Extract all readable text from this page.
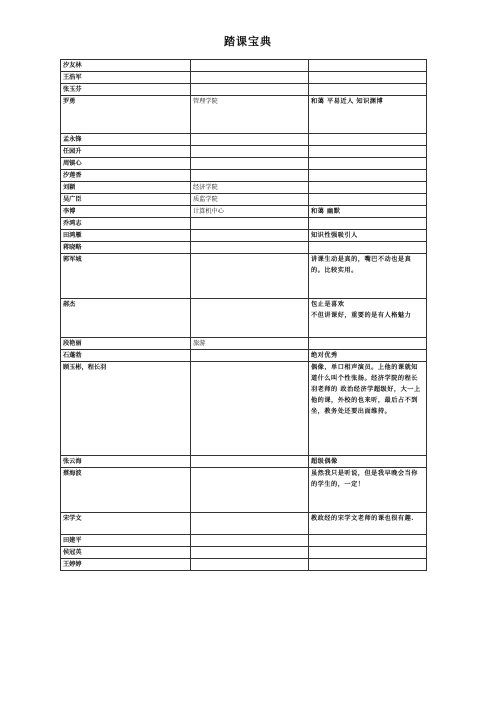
踏课宝典
汐友林		
王浩军		
张玉芬		
罗勇	管理学院	和蔼 平易近人 知识渊博
孟永锋		
任园升		
周镇心		
汐莲香		
刘颖	经济学院	
吴广臣	质监学院	
李博	计算机中心	和蔼 幽默
乔鸿志		
田鸿雁		知识性强吸引人
蒋晓略		
郭军城		讲课生动是真的，嘴巴不动也是真的。比较实用。
郝杰		包止是喜欢
不但讲课好，重要的是有人格魅力
段艳丽	旅游	
石蓬勃		绝对优秀
顾玉彬，程长羽		偶像，单口相声演员。上他的课就知道什么叫个性张扬。经济学院的程长羽老师的 政治经济学超级好，大一上他的课，外校的也来听，最后占不到坐，教务处还要出面维持。
张云海		超级偶像
蔡海波		虽然我只是听说，但是我早晚会当你的学生的，一定！
宋学文		教政经的宋学文老师的课也很有趣.
田建平		
侯冠英		
王婷婷		
